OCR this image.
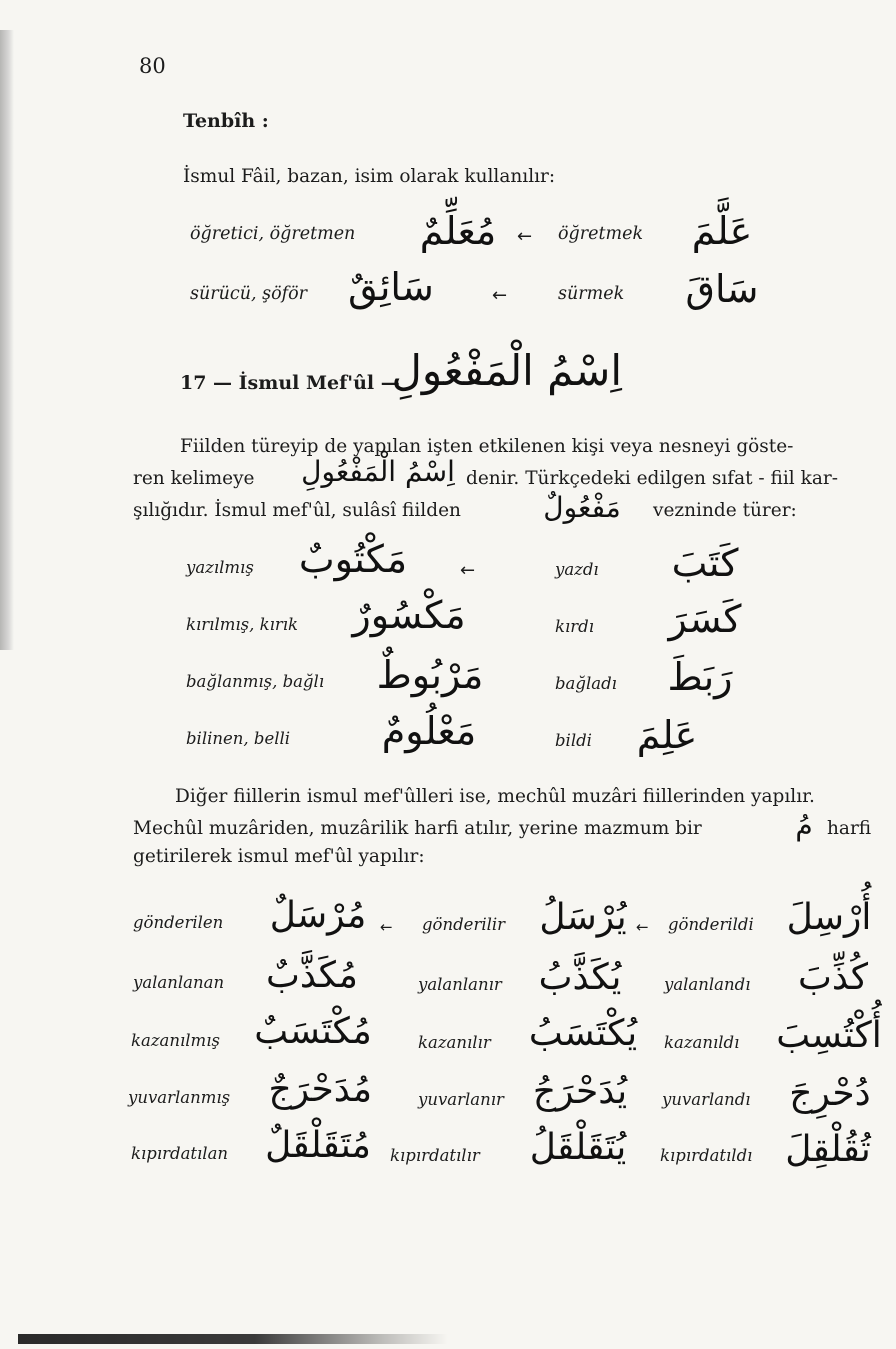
80
Tenbîh :
İsmul Fâil, bazan, isim olarak kullanılır:
öğretici, öğretmen	مُعَلِّمٌ	← öğretmek	عَلَّمَ
sürücü, şöför	سَائِقٌ	←	sürmek	سَاقَ
17 — İsmul Mef'ûl —
اِسْمُ الْمَفْعُولِ
Fiilden türeyip de yapılan işten etkilenen kişi veya nesneyi göste-
ren kelimeye اِسْمُ الْمَفْعُولِ denir. Türkçedeki edilgen sıfat - fiil kar-
şılığıdır. İsmul mef'ûl, sulâsî fiilden	مَفْعُولٌ	vezninde türer:
yazılmış مَكْتُوبٌ	←	yazdı	كَتَبَ
kırılmış, kırık مَكْسُورٌ	kırdı كَسَرَ
bağlanmış, bağlı مَرْبُوطٌ	bağladı	رَبَطَ
bilinen, belli	مَعْلُومٌ	bildi	عَلِمَ
Diğer fiillerin ismul mef'ûlleri ise, mechûl muzâri fiillerinden yapılır.
Mechûl muzâriden, muzârilik harfi atılır, yerine mazmum bir	مُ harfi
getirilerek ismul mef'ûl yapılır:
gönderilen مُرْسَلٌ ← gönderilir يُرْسَلُ ← gönderildi أُرْسِلَ
yalanlanan مُكَذَّبٌ	yalanlanır يُكَذَّبُ	yalanlandı كُذِّبَ
kazanılmış مُكْتَسَبٌ	kazanılır	يُكْتَسَبُ	kazanıldı أُكْتُسِبَ
yuvarlanmış مُدَحْرَجٌ	yuvarlanır يُدَحْرَجُ yuvarlandı دُحْرِجَ
kıpırdatılan مُتَقَلْقَلٌ	kıpırdatılır	يُتَقَلْقَلُ	kıpırdatıldı تُقُلْقِلَ
